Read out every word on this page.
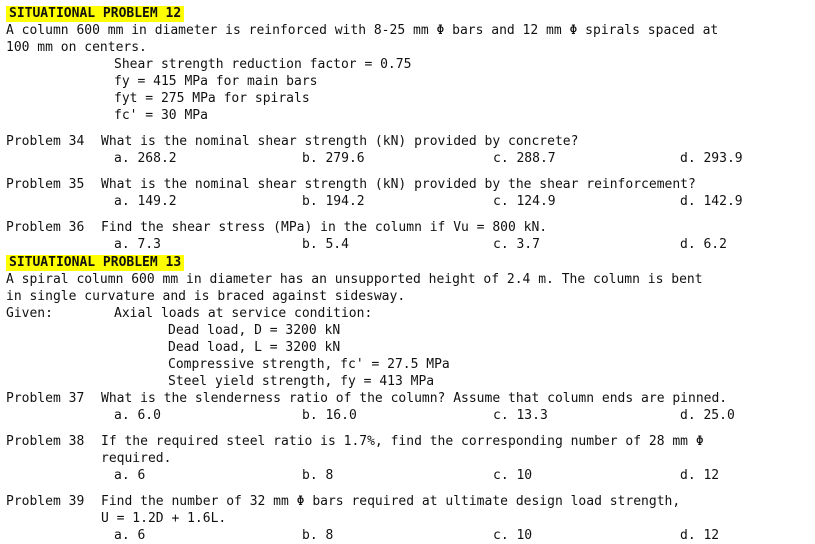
SITUATIONAL PROBLEM 12
A column 600 mm in diameter is reinforced with 8-25 mm Φ bars and 12 mm Φ spirals spaced at
100 mm on centers.
Shear strength reduction factor = 0.75
fy = 415 MPa for main bars
fyt = 275 MPa for spirals
fc' = 30 MPa
Problem 34 What is the nominal shear strength (kN) provided by concrete?
a. 268.2	b. 279.6	c. 288.7	d. 293.9
Problem 35 What is the nominal shear strength (kN) provided by the shear reinforcement?
a. 149.2	b. 194.2	c. 124.9	d. 142.9
Problem 36 Find the shear stress (MPa) in the column if Vu = 800 kN.
a. 7.3	b. 5.4	c. 3.7	d. 6.2
SITUATIONAL PROBLEM 13
A spiral column 600 mm in diameter has an unsupported height of 2.4 m. The column is bent
in single curvature and is braced against sidesway.
Given:	Axial loads at service condition:
Dead load, D = 3200 kN
Dead load, L = 3200 kN
Compressive strength, fc' = 27.5 MPa
Steel yield strength, fy = 413 MPa
Problem 37 What is the slenderness ratio of the column? Assume that column ends are pinned.
a. 6.0	b. 16.0	c. 13.3	d. 25.0
Problem 38 If the required steel ratio is 1.7%, find the corresponding number of 28 mm Φ
required.
a. 6	b. 8	c. 10	d. 12
Problem 39 Find the number of 32 mm Φ bars required at ultimate design load strength,
U = 1.2D + 1.6L.
a. 6	b. 8	c. 10	d. 12
